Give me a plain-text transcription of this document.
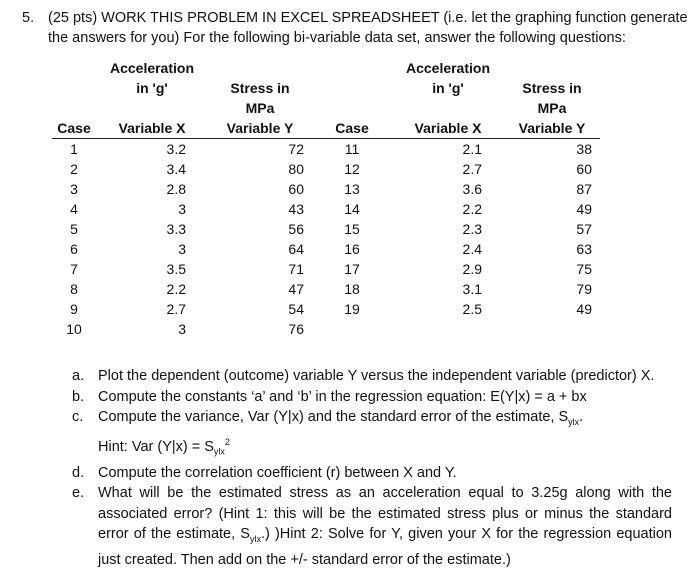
5. (25 pts) WORK THIS PROBLEM IN EXCEL SPREADSHEET (i.e. let the graphing function generate the answers for you) For the following bi-variable data set, answer the following questions:
	Acceleration			Acceleration	
	in 'g'	Stress in		in 'g'	Stress in
		MPa			MPa
Case	Variable X	Variable Y	Case	Variable X	Variable Y
1	3.2	72	11	2.1	38
2	3.4	80	12	2.7	60
3	2.8	60	13	3.6	87
4	3	43	14	2.2	49
5	3.3	56	15	2.3	57
6	3	64	16	2.4	63
7	3.5	71	17	2.9	75
8	2.2	47	18	3.1	79
9	2.7	54	19	2.5	49
10	3	76			
a. Plot the dependent (outcome) variable Y versus the independent variable (predictor) X.
b. Compute the constants ‘a’ and ‘b’ in the regression equation: E(Y|x) = a + bx
c. Compute the variance, Var (Y|x) and the standard error of the estimate, $S_{ylx}$.
Hint: Var $(Y|x) = S_{ylx}^2$
d. Compute the correlation coefficient (r) between X and Y.
e. What will be the estimated stress as an acceleration equal to 3.25g along with the associated error? (Hint 1: this will be the estimated stress plus or minus the standard error of the estimate, $S_{ylx}$.) )Hint 2: Solve for Y, given your X for the regression equation just created. Then add on the +/- standard error of the estimate.)
